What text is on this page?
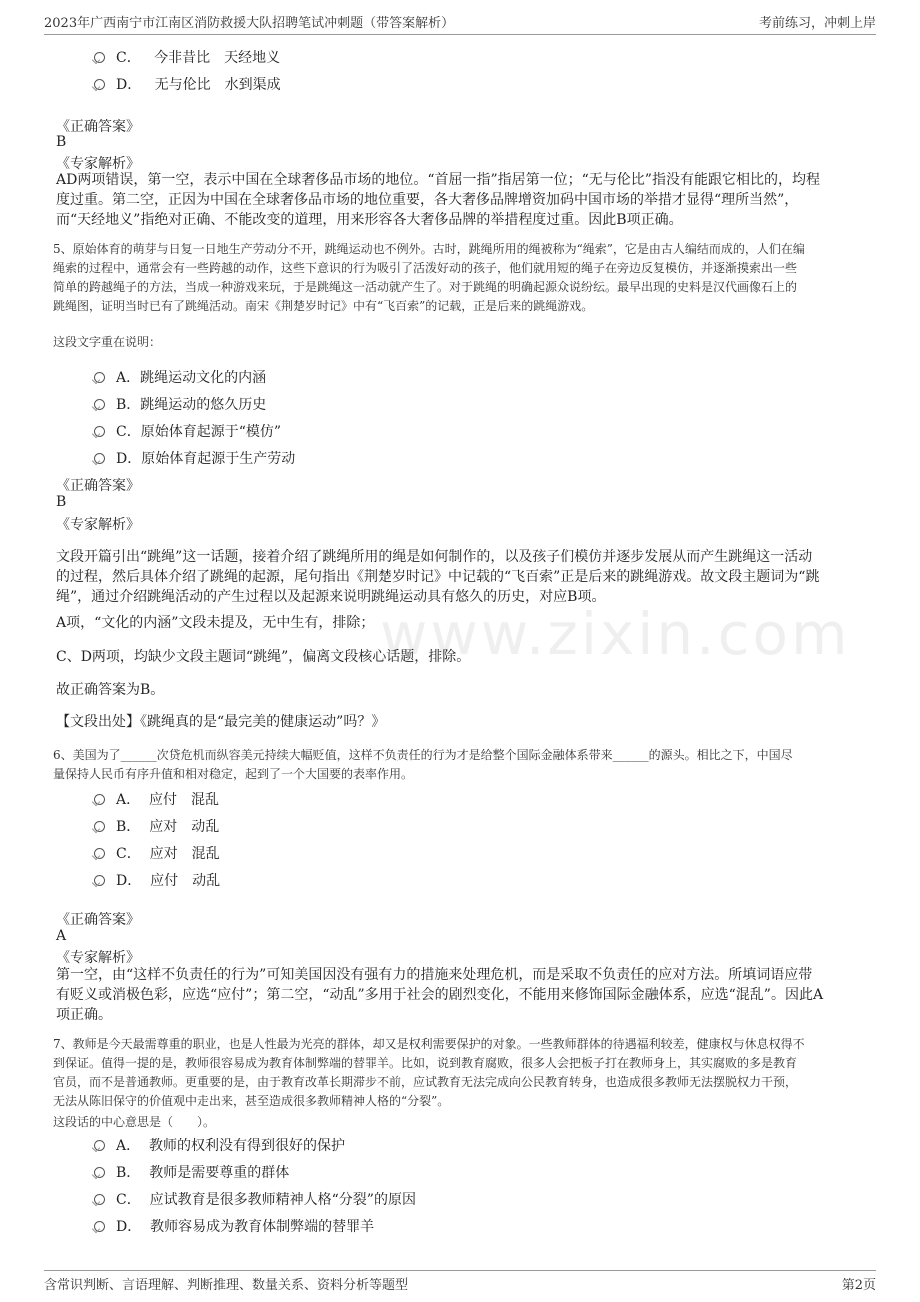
2023年广西南宁市江南区消防救援大队招聘笔试冲刺题（带答案解析）	考前练习，冲刺上岸
www.zixin.com
C． 今非昔比　天经地义
D． 无与伦比　水到渠成
《正确答案》
B
《专家解析》
AD两项错误，第一空，表示中国在全球奢侈品市场的地位。“首屈一指”指居第一位；“无与伦比”指没有能跟它相比的，均程
度过重。第二空，正因为中国在全球奢侈品市场的地位重要，各大奢侈品牌增资加码中国市场的举措才显得“理所当然”，
而“天经地义”指绝对正确、不能改变的道理，用来形容各大奢侈品牌的举措程度过重。因此B项正确。
5、原始体育的萌芽与日复一日地生产劳动分不开，跳绳运动也不例外。古时，跳绳所用的绳被称为“绳索”，它是由古人编结而成的，人们在编
绳索的过程中，通常会有一些跨越的动作，这些下意识的行为吸引了活泼好动的孩子，他们就用短的绳子在旁边反复模仿，并逐渐摸索出一些
简单的跨越绳子的方法，当成一种游戏来玩，于是跳绳这一活动就产生了。对于跳绳的明确起源众说纷纭。最早出现的史料是汉代画像石上的
跳绳图，证明当时已有了跳绳活动。南宋《荆楚岁时记》中有“飞百索”的记载，正是后来的跳绳游戏。
这段文字重在说明：
A．跳绳运动文化的内涵
B．跳绳运动的悠久历史
C．原始体育起源于“模仿”
D．原始体育起源于生产劳动
《正确答案》
B
《专家解析》
文段开篇引出“跳绳”这一话题，接着介绍了跳绳所用的绳是如何制作的，以及孩子们模仿并逐步发展从而产生跳绳这一活动
的过程，然后具体介绍了跳绳的起源，尾句指出《荆楚岁时记》中记载的“飞百索”正是后来的跳绳游戏。故文段主题词为“跳
绳”，通过介绍跳绳活动的产生过程以及起源来说明跳绳运动具有悠久的历史，对应B项。
A项，“文化的内涵”文段未提及，无中生有，排除；
C、D两项，均缺少文段主题词“跳绳”，偏离文段核心话题，排除。
故正确答案为B。
【文段出处】《跳绳真的是“最完美的健康运动”吗？》
6、美国为了______次贷危机而纵容美元持续大幅贬值，这样不负责任的行为才是给整个国际金融体系带来______的源头。相比之下，中国尽
量保持人民币有序升值和相对稳定，起到了一个大国要的表率作用。
A． 应付　混乱
B． 应对　动乱
C． 应对　混乱
D． 应付　动乱
《正确答案》
A
《专家解析》
第一空，由“这样不负责任的行为”可知美国因没有强有力的措施来处理危机，而是采取不负责任的应对方法。所填词语应带
有贬义或消极色彩，应选“应付”；第二空，“动乱”多用于社会的剧烈变化，不能用来修饰国际金融体系，应选“混乱”。因此A
项正确。
7、教师是今天最需尊重的职业，也是人性最为光亮的群体，却又是权利需要保护的对象。一些教师群体的待遇福利较差，健康权与休息权得不
到保证。值得一提的是，教师很容易成为教育体制弊端的替罪羊。比如，说到教育腐败，很多人会把板子打在教师身上，其实腐败的多是教育
官员，而不是普通教师。更重要的是，由于教育改革长期滞步不前，应试教育无法完成向公民教育转身，也造成很多教师无法摆脱权力干预，
无法从陈旧保守的价值观中走出来，甚至造成很多教师精神人格的“分裂”。
这段话的中心意思是（　　）。
A． 教师的权利没有得到很好的保护
B． 教师是需要尊重的群体
C． 应试教育是很多教师精神人格“分裂”的原因
D． 教师容易成为教育体制弊端的替罪羊
含常识判断、言语理解、判断推理、数量关系、资料分析等题型	第2页
